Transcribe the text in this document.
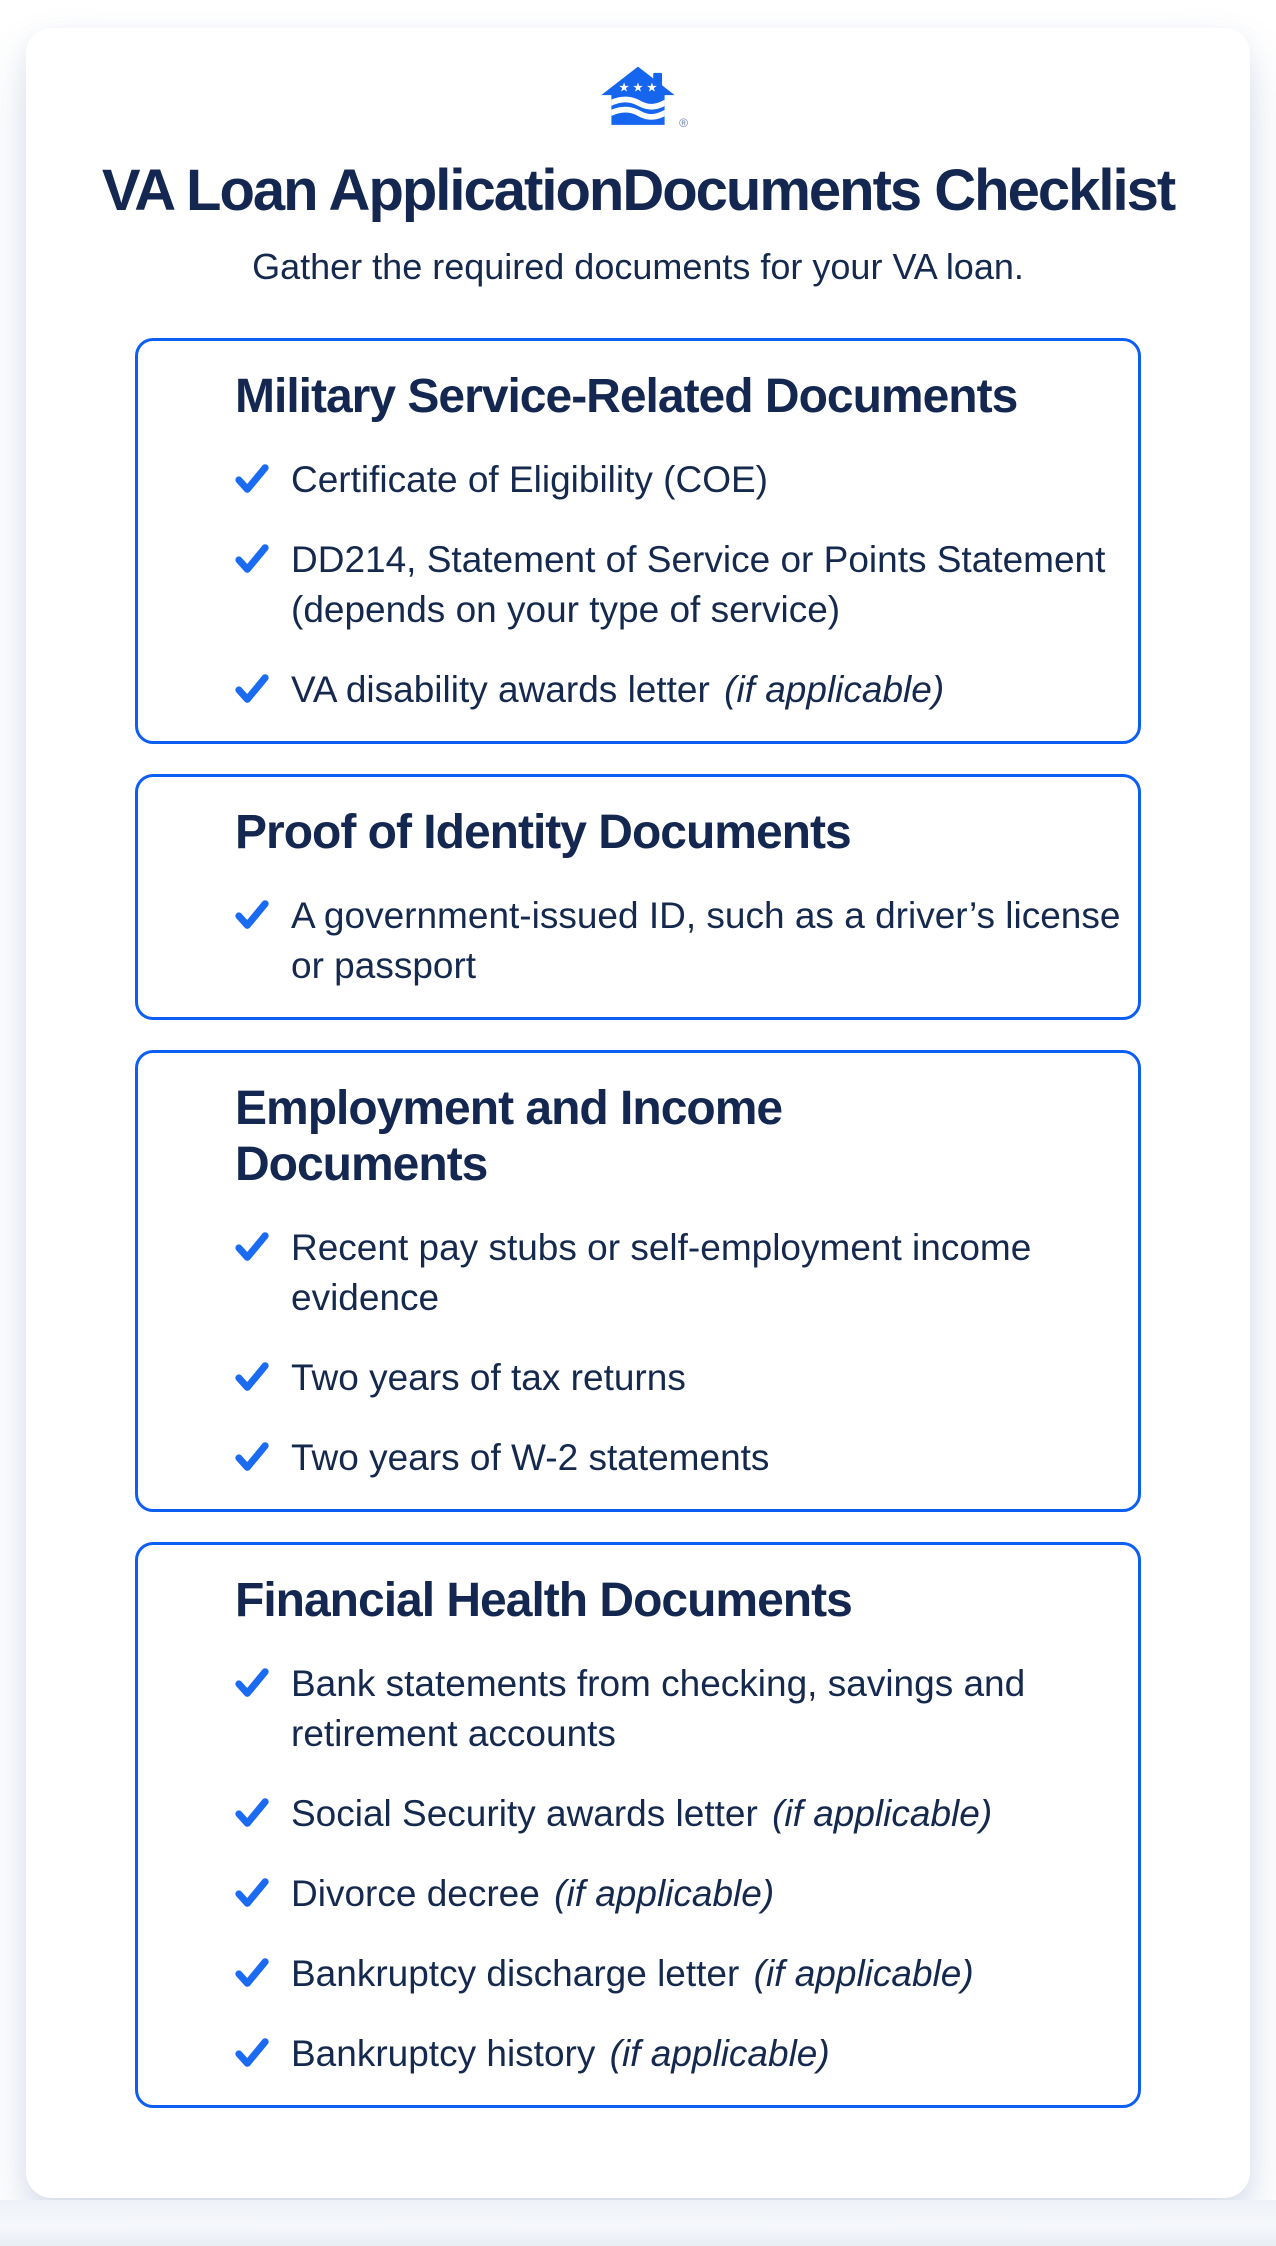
®
VA Loan ApplicationDocuments Checklist
Gather the required documents for your VA loan.
Military Service-Related Documents
Certificate of Eligibility (COE)
DD214, Statement of Service or Points Statement
(depends on your type of service)
VA disability awards letter (if applicable)
Proof of Identity Documents
A government-issued ID, such as a driver’s license
or passport
Employment and Income
Documents
Recent pay stubs or self-employment income
evidence
Two years of tax returns
Two years of W-2 statements
Financial Health Documents
Bank statements from checking, savings and
retirement accounts
Social Security awards letter (if applicable)
Divorce decree (if applicable)
Bankruptcy discharge letter (if applicable)
Bankruptcy history (if applicable)
